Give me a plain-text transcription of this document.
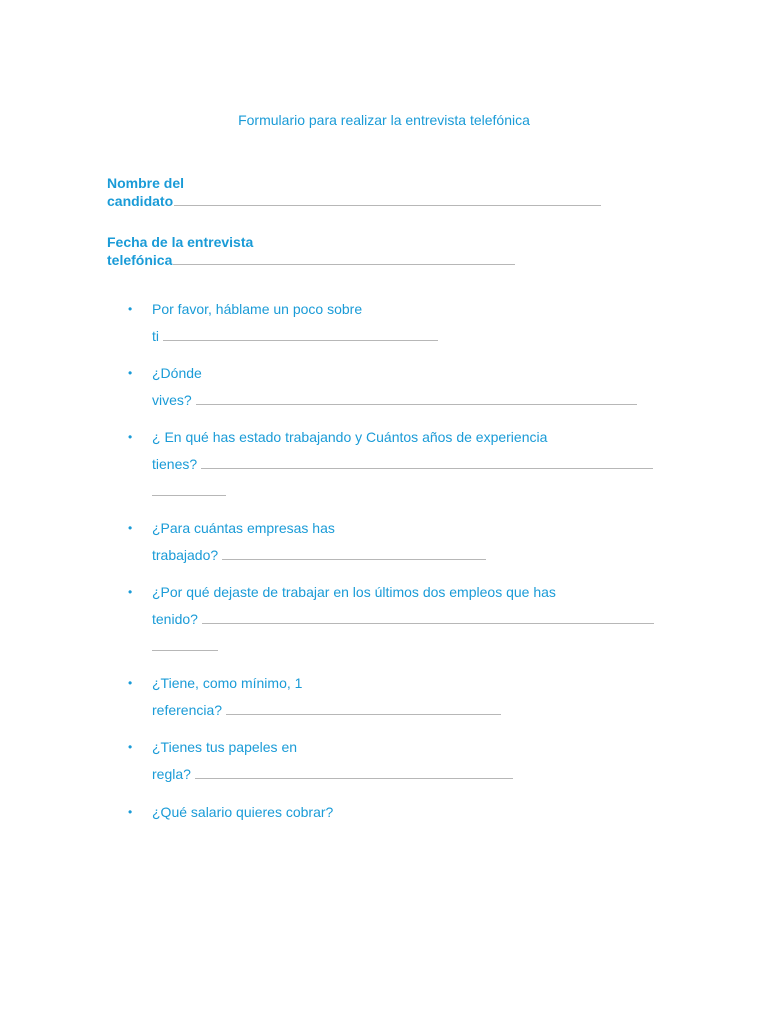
Formulario para realizar la entrevista telefónica
Nombre del
candidato
Fecha de la entrevista
telefónica
• Por favor, háblame un poco sobre
ti
• ¿Dónde
vives?
• ¿ En qué has estado trabajando y Cuántos años de experiencia
tienes?
• ¿Para cuántas empresas has
trabajado?
• ¿Por qué dejaste de trabajar en los últimos dos empleos que has
tenido?
• ¿Tiene, como mínimo, 1
referencia?
• ¿Tienes tus papeles en
regla?
• ¿Qué salario quieres cobrar?
